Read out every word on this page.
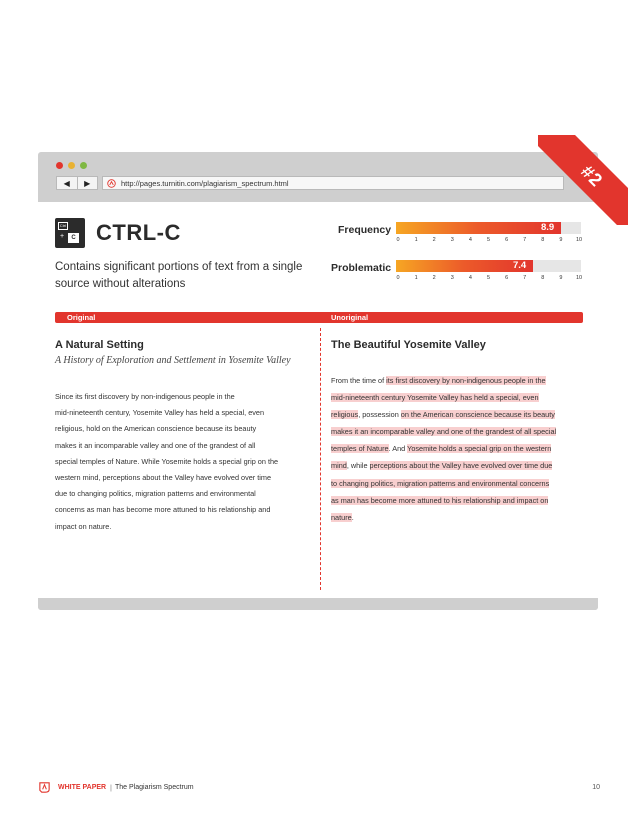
◀	▶	http://pages.turnitin.com/plagiarism_spectrum.html	#2
Ctrl
+	C CTRL-C
Contains significant portions of text from a single source without alterations
Frequency	8.9
0	1	2	3	4	5	6	7	8	9	10
Problematic	7.4
0	1	2	3	4	5	6	7	8	9	10
Original	Unoriginal
A Natural Setting
A History of Exploration and Settlement in Yosemite Valley
Since its first discovery by non-indigenous people in the
mid-nineteenth century, Yosemite Valley has held a special, even
religious, hold on the American conscience because its beauty
makes it an incomparable valley and one of the grandest of all
special temples of Nature. While Yosemite holds a special grip on the
western mind, perceptions about the Valley have evolved over time
due to changing politics, migration patterns and environmental
concerns as man has become more attuned to his relationship and
impact on nature.
The Beautiful Yosemite Valley
From the time of its first discovery by non-indigenous people in the
mid-nineteenth century Yosemite Valley has held a special, even
religious, possession on the American conscience because its beauty
makes it an incomparable valley and one of the grandest of all special
temples of Nature. And Yosemite holds a special grip on the western
mind, while perceptions about the Valley have evolved over time due
to changing politics, migration patterns and environmental concerns
as man has become more attuned to his relationship and impact on
nature.
WHITE PAPER | The Plagiarism Spectrum	10
